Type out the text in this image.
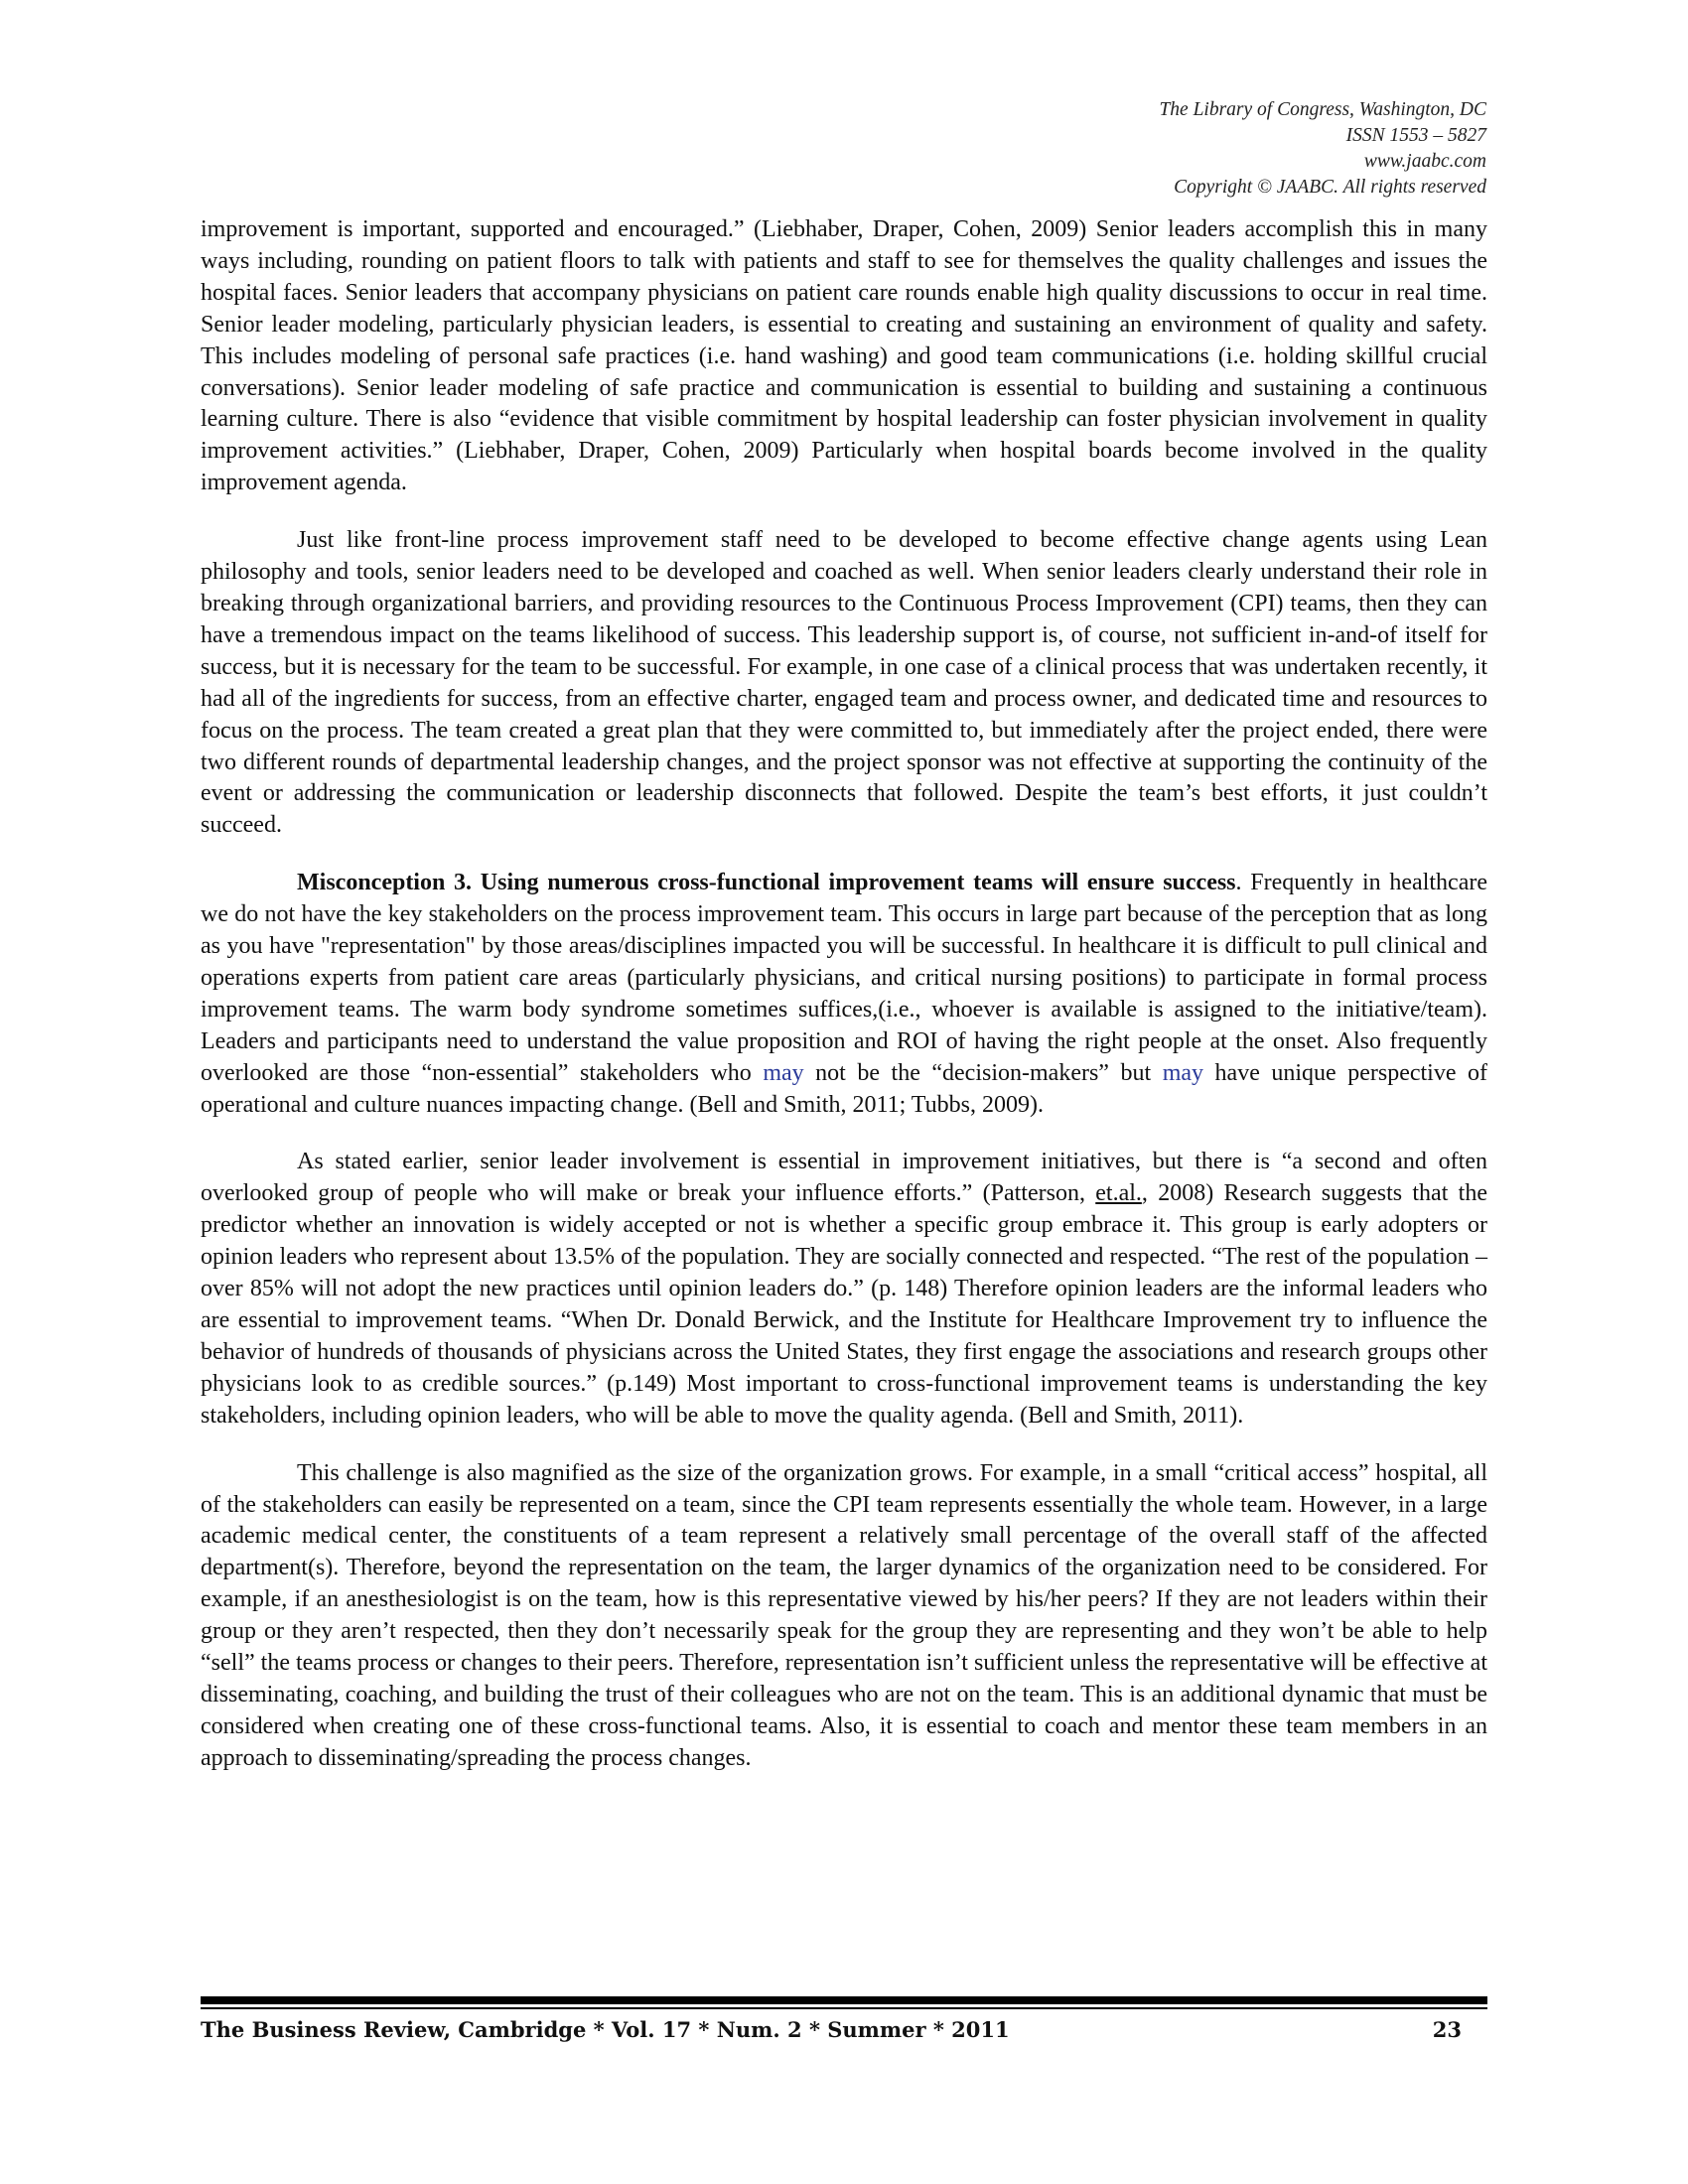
The Library of Congress, Washington, DC
ISSN 1553 – 5827
www.jaabc.com
Copyright © JAABC. All rights reserved

improvement is important, supported and encouraged.” (Liebhaber, Draper, Cohen, 2009) Senior leaders accomplish this in many ways including, rounding on patient floors to talk with patients and staff to see for themselves the quality challenges and issues the hospital faces. Senior leaders that accompany physicians on patient care rounds enable high quality discussions to occur in real time. Senior leader modeling, particularly physician leaders, is essential to creating and sustaining an environment of quality and safety. This includes modeling of personal safe practices (i.e. hand washing) and good team communications (i.e. holding skillful crucial conversations). Senior leader modeling of safe practice and communication is essential to building and sustaining a continuous learning culture. There is also “evidence that visible commitment by hospital leadership can foster physician involvement in quality improvement activities.” (Liebhaber, Draper, Cohen, 2009) Particularly when hospital boards become involved in the quality improvement agenda.

Just like front-line process improvement staff need to be developed to become effective change agents using Lean philosophy and tools, senior leaders need to be developed and coached as well. When senior leaders clearly understand their role in breaking through organizational barriers, and providing resources to the Continuous Process Improvement (CPI) teams, then they can have a tremendous impact on the teams likelihood of success. This leadership support is, of course, not sufficient in-and-of itself for success, but it is necessary for the team to be successful. For example, in one case of a clinical process that was undertaken recently, it had all of the ingredients for success, from an effective charter, engaged team and process owner, and dedicated time and resources to focus on the process. The team created a great plan that they were committed to, but immediately after the project ended, there were two different rounds of departmental leadership changes, and the project sponsor was not effective at supporting the continuity of the event or addressing the communication or leadership disconnects that followed. Despite the team’s best efforts, it just couldn’t succeed.

Misconception 3. Using numerous cross-functional improvement teams will ensure success. Frequently in healthcare we do not have the key stakeholders on the process improvement team. This occurs in large part because of the perception that as long as you have "representation" by those areas/disciplines impacted you will be successful. In healthcare it is difficult to pull clinical and operations experts from patient care areas (particularly physicians, and critical nursing positions) to participate in formal process improvement teams. The warm body syndrome sometimes suffices,(i.e., whoever is available is assigned to the initiative/team). Leaders and participants need to understand the value proposition and ROI of having the right people at the onset. Also frequently overlooked are those “non-essential” stakeholders who may not be the “decision-makers” but may have unique perspective of operational and culture nuances impacting change. (Bell and Smith, 2011; Tubbs, 2009).

As stated earlier, senior leader involvement is essential in improvement initiatives, but there is “a second and often overlooked group of people who will make or break your influence efforts.” (Patterson, et.al., 2008) Research suggests that the predictor whether an innovation is widely accepted or not is whether a specific group embrace it. This group is early adopters or opinion leaders who represent about 13.5% of the population. They are socially connected and respected. “The rest of the population – over 85% will not adopt the new practices until opinion leaders do.” (p. 148) Therefore opinion leaders are the informal leaders who are essential to improvement teams. “When Dr. Donald Berwick, and the Institute for Healthcare Improvement try to influence the behavior of hundreds of thousands of physicians across the United States, they first engage the associations and research groups other physicians look to as credible sources.” (p.149) Most important to cross-functional improvement teams is understanding the key stakeholders, including opinion leaders, who will be able to move the quality agenda. (Bell and Smith, 2011).

This challenge is also magnified as the size of the organization grows. For example, in a small “critical access” hospital, all of the stakeholders can easily be represented on a team, since the CPI team represents essentially the whole team. However, in a large academic medical center, the constituents of a team represent a relatively small percentage of the overall staff of the affected department(s). Therefore, beyond the representation on the team, the larger dynamics of the organization need to be considered. For example, if an anesthesiologist is on the team, how is this representative viewed by his/her peers? If they are not leaders within their group or they aren’t respected, then they don’t necessarily speak for the group they are representing and they won’t be able to help “sell” the teams process or changes to their peers. Therefore, representation isn’t sufficient unless the representative will be effective at disseminating, coaching, and building the trust of their colleagues who are not on the team. This is an additional dynamic that must be considered when creating one of these cross-functional teams. Also, it is essential to coach and mentor these team members in an approach to disseminating/spreading the process changes.

The Business Review, Cambridge * Vol. 17 * Num. 2 * Summer * 2011	23
